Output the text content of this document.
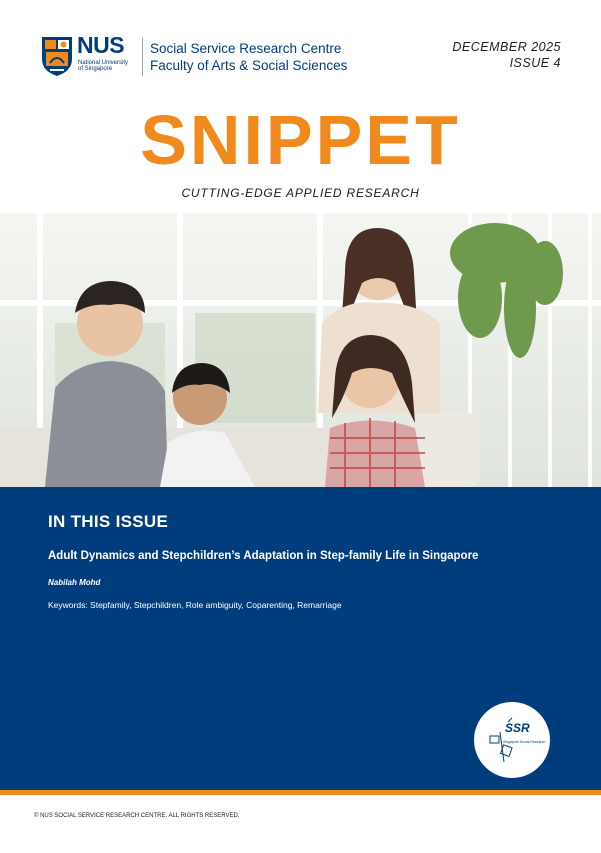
NUS
National University
of Singapore
Social Service Research Centre
Faculty of Arts & Social Sciences
DECEMBER 2025
ISSUE 4
SNIPPET
CUTTING-EDGE APPLIED RESEARCH
IN THIS ISSUE
Adult Dynamics and Stepchildren’s Adaptation in Step-family Life in Singapore
Nabilah Mohd
Keywords: Stepfamily, Stepchildren, Role ambiguity, Coparenting, Remarriage
SSR
Singapore Social Research
© NUS SOCIAL SERVICE RESEARCH CENTRE. ALL RIGHTS RESERVED.
